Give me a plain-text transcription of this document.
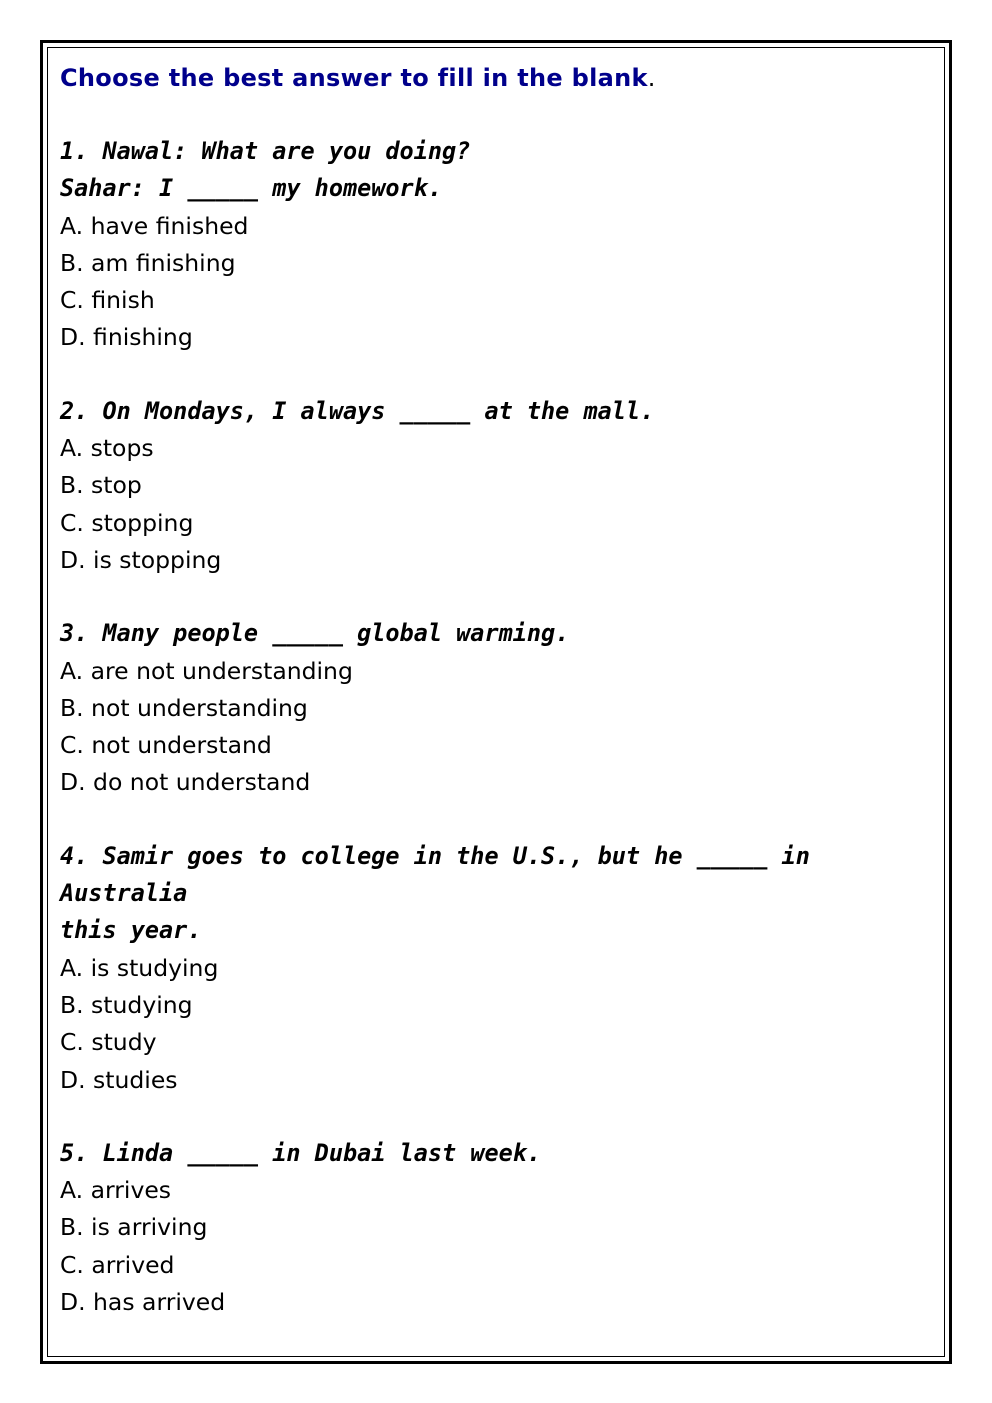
Choose the best answer to fill in the blank.

1. Nawal: What are you doing?

Sahar: I _____ my homework.

A. have finished

B. am finishing

C. finish

D. finishing

2. On Mondays, I always _____ at the mall.

A. stops

B. stop

C. stopping

D. is stopping

3. Many people _____ global warming.

A. are not understanding

B. not understanding

C. not understand

D. do not understand

4. Samir goes to college in the U.S., but he _____ in Australia

this year.

A. is studying

B. studying

C. study

D. studies

5. Linda _____ in Dubai last week.

A. arrives

B. is arriving

C. arrived

D. has arrived
